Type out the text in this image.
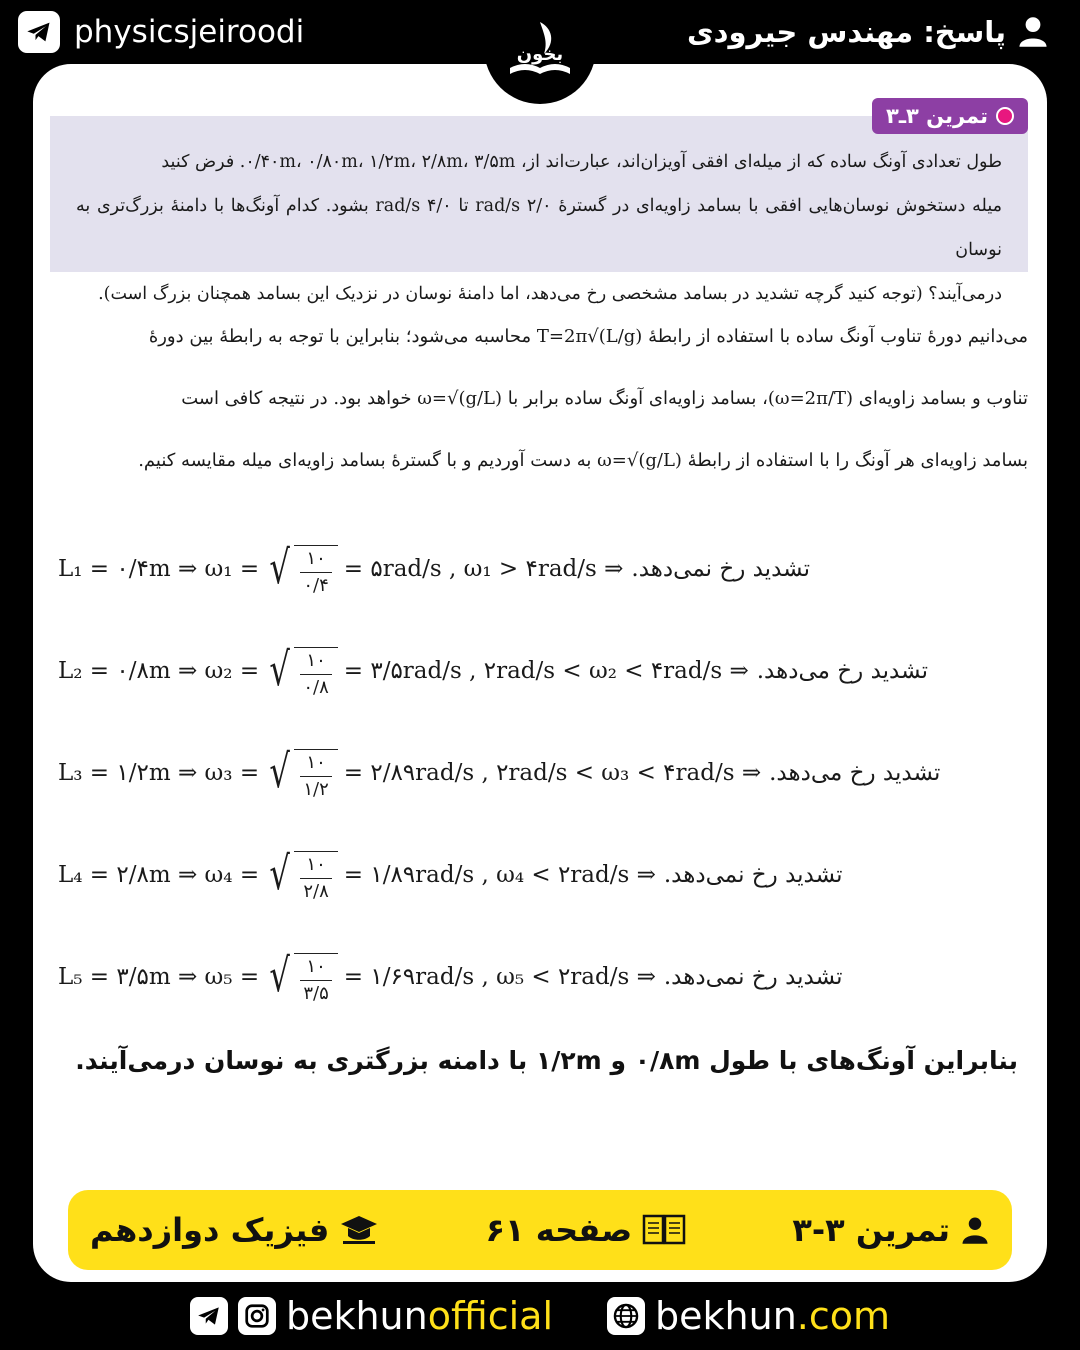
physicsjeiroodi	پاسخ: مهندس جیرودی
بخون
تمرین ۳ـ۳
طول تعدادی آونگ ساده که از میله‌ای افقی آویزان‌اند، عبارت‌اند از، ۰/۴۰m، ۰/۸۰m، ۱/۲m، ۲/۸m، ۳/۵m. فرض کنید
میله دستخوش نوسان‌هایی افقی با بسامد زاویه‌ای در گسترهٔ ۲/۰ rad/s تا ۴/۰ rad/s بشود. کدام آونگ‌ها با دامنهٔ بزرگ‌تری به نوسان
درمی‌آیند؟ (توجه کنید گرچه تشدید در بسامد مشخصی رخ می‌دهد، اما دامنهٔ نوسان در نزدیک این بسامد همچنان بزرگ است).
می‌دانیم دورهٔ تناوب آونگ ساده با استفاده از رابطهٔ T=2π√(L/g) محاسبه می‌شود؛ بنابراین با توجه به رابطهٔ بین دورهٔ
تناوب و بسامد زاویه‌ای (ω=2π/T)، بسامد زاویه‌ای آونگ ساده برابر با ω=√(g/L) خواهد بود. در نتیجه کافی است
بسامد زاویه‌ای هر آونگ را با استفاده از رابطهٔ ω=√(g/L) به دست آوردیم و با گسترهٔ بسامد زاویه‌ای میله مقایسه کنیم.
L₁ = ۰/۴m ⇒ ω₁ = √ $\frac{۱۰}{۰/۴}$ = ۵rad/s , ω₁ > ۴rad/s ⇒ تشدید رخ نمی‌دهد.
L₂ = ۰/۸m ⇒ ω₂ = √ $\frac{۱۰}{۰/۸}$ = ۳/۵rad/s , ۲rad/s < ω₂ < ۴rad/s ⇒ تشدید رخ می‌دهد.
L₃ = ۱/۲m ⇒ ω₃ = √ $\frac{۱۰}{۱/۲}$ = ۲/۸۹rad/s , ۲rad/s < ω₃ < ۴rad/s ⇒ تشدید رخ می‌دهد.
L₄ = ۲/۸m ⇒ ω₄ = √ $\frac{۱۰}{۲/۸}$ = ۱/۸۹rad/s , ω₄ < ۲rad/s ⇒ تشدید رخ نمی‌دهد.
L₅ = ۳/۵m ⇒ ω₅ = √ $\frac{۱۰}{۳/۵}$ = ۱/۶۹rad/s , ω₅ < ۲rad/s ⇒ تشدید رخ نمی‌دهد.
بنابراین آونگ‌های با طول ۰/۸m و ۱/۲m با دامنه بزرگتری به نوسان درمی‌آیند.
تمرین ۳-۳
صفحه ۶۱
فیزیک دوازدهم
bekhunofficial	bekhun.com
